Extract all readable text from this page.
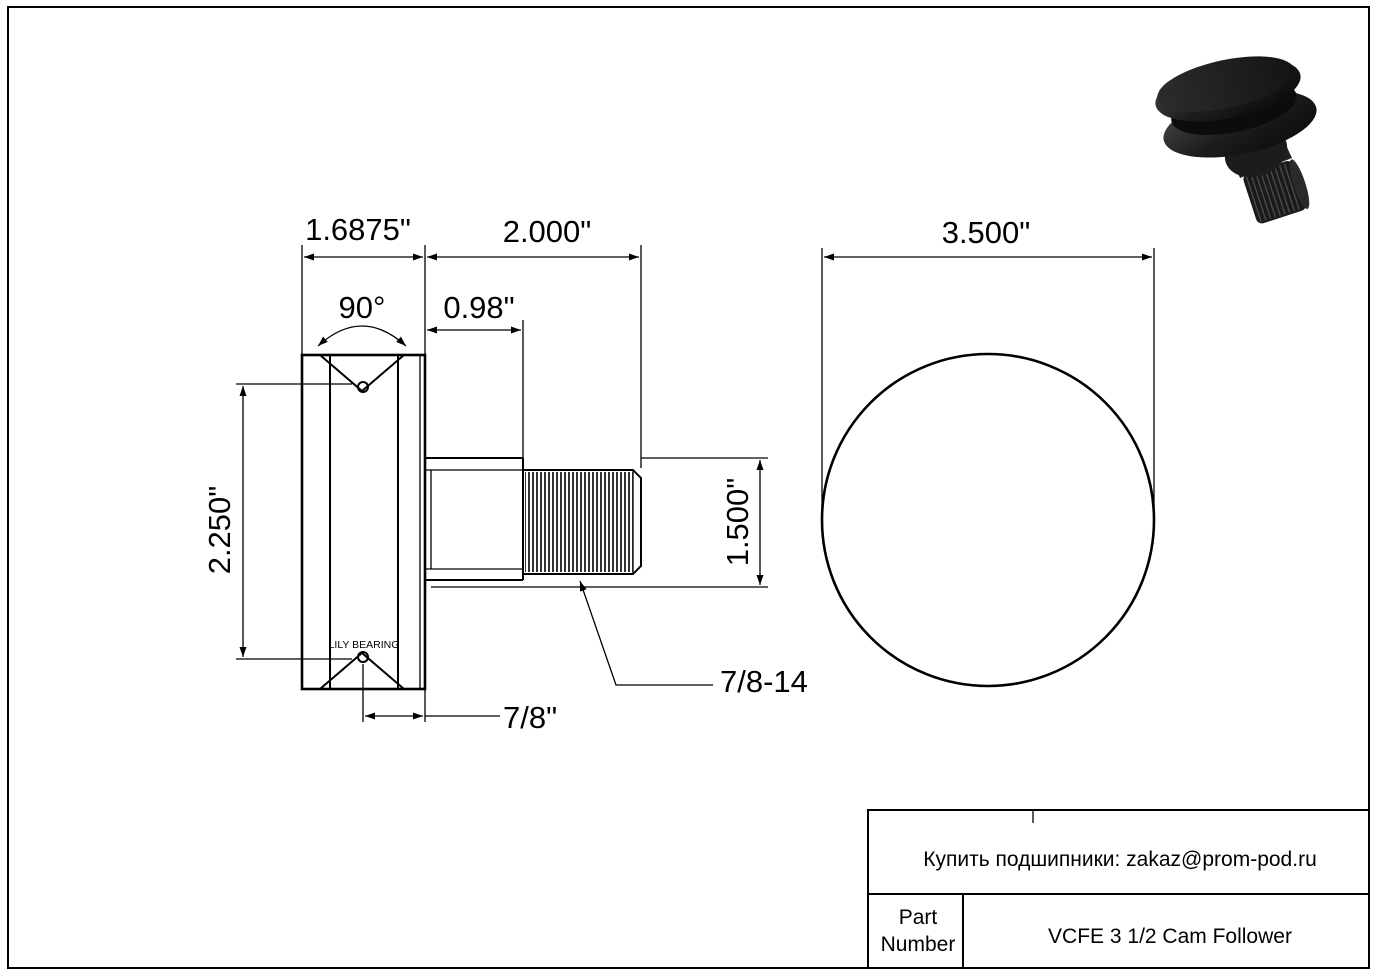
1.6875"	2.000"
0.98"
90°
2.250"	1.500"
7/8-14
7/8"
LILY BEARING
3.500"
Купить подшипники: zakaz@prom-pod.ru
Part
Number	VCFE 3 1/2 Cam Follower
